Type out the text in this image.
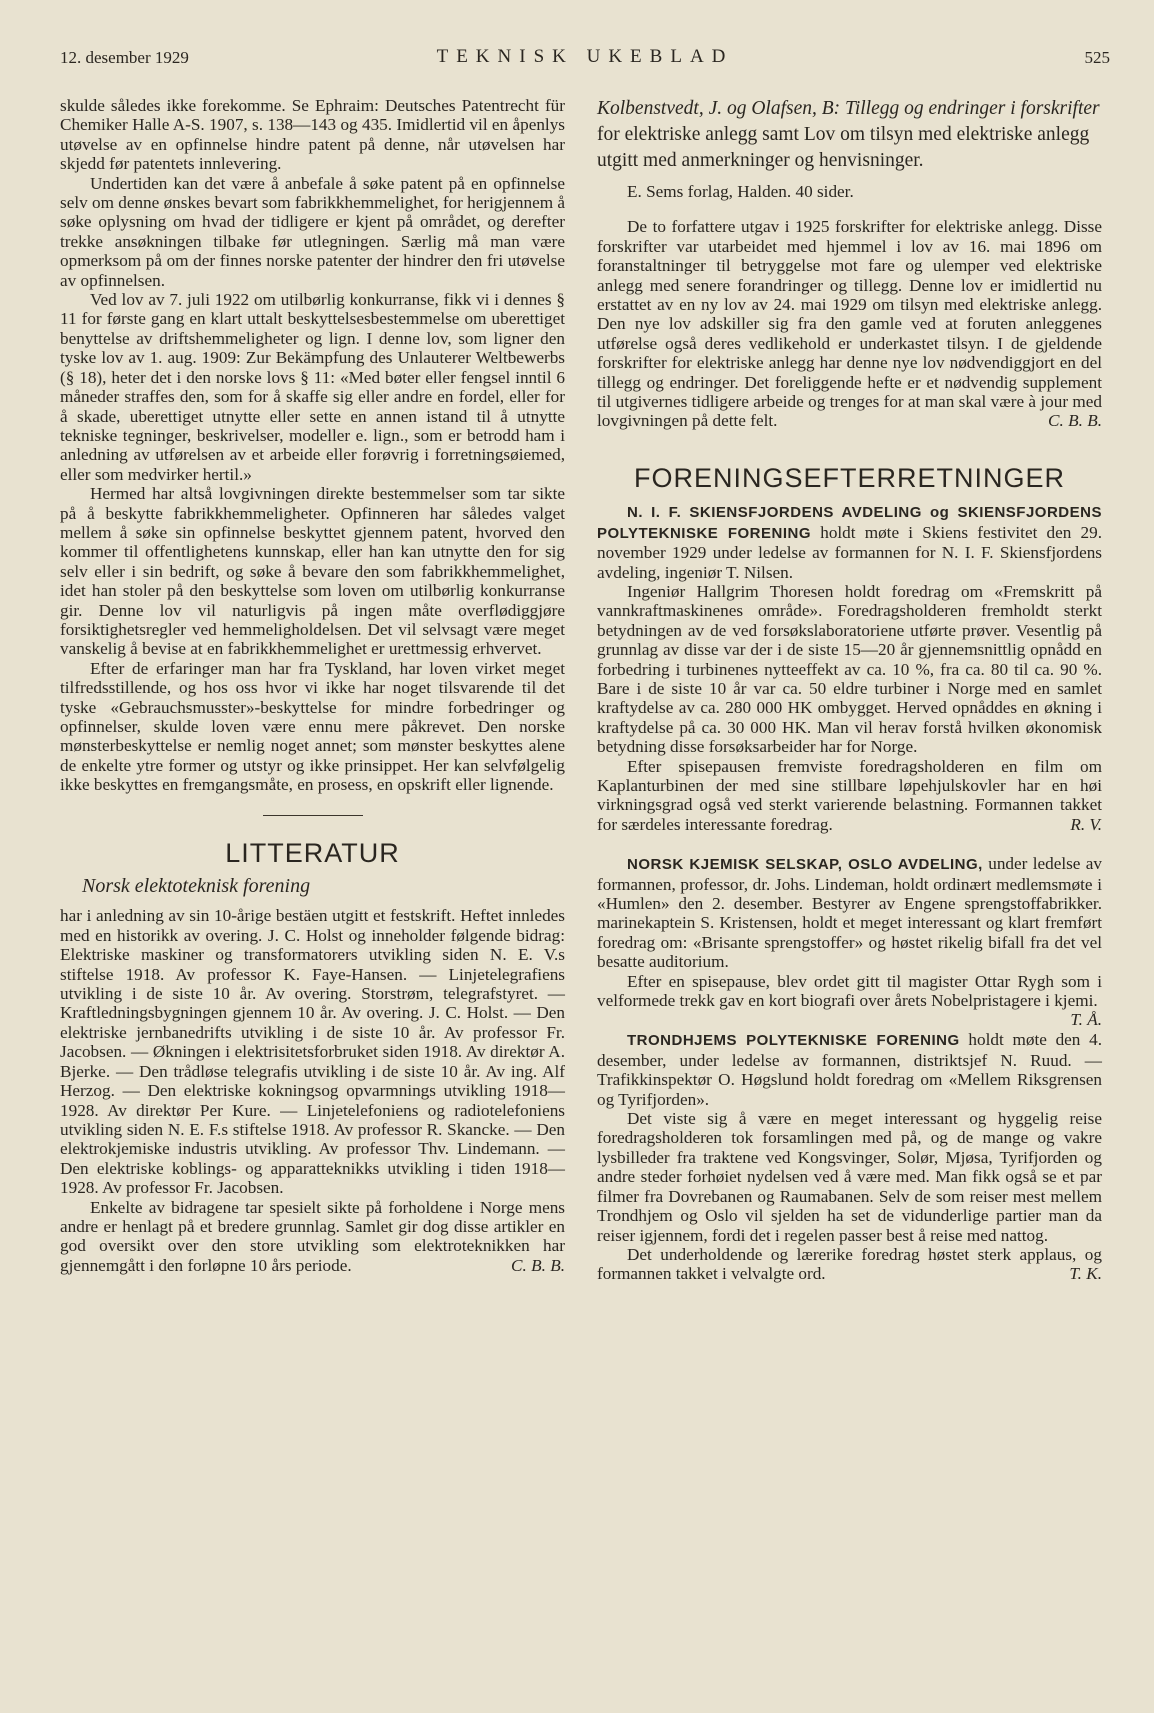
12. desember 1929	TEKNISK UKEBLAD	525

skulde således ikke forekomme. Se Ephraim: Deutsches Patentrecht für Chemiker Halle A-S. 1907, s. 138—143 og 435. Imidlertid vil en åpenlys utøvelse av en opfinnelse hindre patent på denne, når utøvelsen har skjedd før patentets innlevering.

Undertiden kan det være å anbefale å søke patent på en opfinnelse selv om denne ønskes bevart som fabrikkhemmelighet, for herigjennem å søke oplysning om hvad der tidligere er kjent på området, og derefter trekke ansøkningen tilbake før utlegningen. Særlig må man være opmerksom på om der finnes norske patenter der hindrer den fri utøvelse av opfinnelsen.

Ved lov av 7. juli 1922 om utilbørlig konkurranse, fikk vi i dennes § 11 for første gang en klart uttalt beskyttelsesbestemmelse om uberettiget benyttelse av driftshemmeligheter og lign. I denne lov, som ligner den tyske lov av 1. aug. 1909: Zur Bekämpfung des Unlauterer Weltbewerbs (§ 18), heter det i den norske lovs § 11: «Med bøter eller fengsel inntil 6 måneder straffes den, som for å skaffe sig eller andre en fordel, eller for å skade, uberettiget utnytte eller sette en annen istand til å utnytte tekniske tegninger, beskrivelser, modeller e. lign., som er betrodd ham i anledning av utførelsen av et arbeide eller forøvrig i forretningsøiemed, eller som medvirker hertil.»

Hermed har altså lovgivningen direkte bestemmelser som tar sikte på å beskytte fabrikkhemmeligheter. Opfinneren har således valget mellem å søke sin opfinnelse beskyttet gjennem patent, hvorved den kommer til offentlighetens kunnskap, eller han kan utnytte den for sig selv eller i sin bedrift, og søke å bevare den som fabrikkhemmelighet, idet han stoler på den beskyttelse som loven om utilbørlig konkurranse gir. Denne lov vil naturligvis på ingen måte overflødiggjøre forsiktighetsregler ved hemmeligholdelsen. Det vil selvsagt være meget vanskelig å bevise at en fabrikkhemmelighet er urettmessig erhvervet.

Efter de erfaringer man har fra Tyskland, har loven virket meget tilfredsstillende, og hos oss hvor vi ikke har noget tilsvarende til det tyske «Gebrauchsmusster»-beskyttelse for mindre forbedringer og opfinnelser, skulde loven være ennu mere påkrevet. Den norske mønsterbeskyttelse er nemlig noget annet; som mønster beskyttes alene de enkelte ytre former og utstyr og ikke prinsippet. Her kan selvfølgelig ikke beskyttes en fremgangsmåte, en prosess, en opskrift eller lignende.

LITTERATUR
Norsk elektoteknisk forening

har i anledning av sin 10-årige bestäen utgitt et festskrift. Heftet innledes med en historikk av overing. J. C. Holst og inneholder følgende bidrag: Elektriske maskiner og transformatorers utvikling siden N. E. V.s stiftelse 1918. Av professor K. Faye-Hansen. — Linjetelegrafiens utvikling i de siste 10 år. Av overing. Storstrøm, telegrafstyret. — Kraftledningsbygningen gjennem 10 år. Av overing. J. C. Holst. — Den elektriske jernbanedrifts utvikling i de siste 10 år. Av professor Fr. Jacobsen. — Økningen i elektrisitetsforbruket siden 1918. Av direktør A. Bjerke. — Den trådløse telegrafis utvikling i de siste 10 år. Av ing. Alf Herzog. — Den elektriske kokningsog opvarmnings utvikling 1918—1928. Av direktør Per Kure. — Linjetelefoniens og radiotelefoniens utvikling siden N. E. F.s stiftelse 1918. Av professor R. Skancke. — Den elektrokjemiske industris utvikling. Av professor Thv. Lindemann. — Den elektriske koblings- og apparatteknikks utvikling i tiden 1918—1928. Av professor Fr. Jacobsen.

Enkelte av bidragene tar spesielt sikte på forholdene i Norge mens andre er henlagt på et bredere grunnlag. Samlet gir dog disse artikler en god oversikt over den store utvikling som elektroteknikken har gjennemgått i den forløpne 10 års periode.	C. B. B.

Kolbenstvedt, J. og Olafsen, B: Tillegg og endringer i forskrifter for elektriske anlegg samt Lov om tilsyn med elektriske anlegg utgitt med anmerkninger og henvisninger.

E. Sems forlag, Halden. 40 sider.

De to forfattere utgav i 1925 forskrifter for elektriske anlegg. Disse forskrifter var utarbeidet med hjemmel i lov av 16. mai 1896 om foranstaltninger til betryggelse mot fare og ulemper ved elektriske anlegg med senere forandringer og tillegg. Denne lov er imidlertid nu erstattet av en ny lov av 24. mai 1929 om tilsyn med elektriske anlegg. Den nye lov adskiller sig fra den gamle ved at foruten anleggenes utførelse også deres vedlikehold er underkastet tilsyn. I de gjeldende forskrifter for elektriske anlegg har denne nye lov nødvendiggjort en del tillegg og endringer. Det foreliggende hefte er et nødvendig supplement til utgivernes tidligere arbeide og trenges for at man skal være à jour med lovgivningen på dette felt.	C. B. B.

FORENINGSEFTERRETNINGER

N. I. F. SKIENSFJORDENS AVDELING og SKIENSFJORDENS POLYTEKNISKE FORENING holdt møte i Skiens festivitet den 29. november 1929 under ledelse av formannen for N. I. F. Skiensfjordens avdeling, ingeniør T. Nilsen.

Ingeniør Hallgrim Thoresen holdt foredrag om «Fremskritt på vannkraftmaskinenes område». Foredragsholderen fremholdt sterkt betydningen av de ved forsøkslaboratoriene utførte prøver. Vesentlig på grunnlag av disse var der i de siste 15—20 år gjennemsnittlig opnådd en forbedring i turbinenes nytteeffekt av ca. 10 %, fra ca. 80 til ca. 90 %. Bare i de siste 10 år var ca. 50 eldre turbiner i Norge med en samlet kraftydelse av ca. 280 000 HK ombygget. Herved opnåddes en økning i kraftydelse på ca. 30 000 HK. Man vil herav forstå hvilken økonomisk betydning disse forsøksarbeider har for Norge.

Efter spisepausen fremviste foredragsholderen en film om Kaplanturbinen der med sine stillbare løpehjulskovler har en høi virkningsgrad også ved sterkt varierende belastning. Formannen takket for særdeles interessante foredrag.	R. V.

NORSK KJEMISK SELSKAP, OSLO AVDELING, under ledelse av formannen, professor, dr. Johs. Lindeman, holdt ordinært medlemsmøte i «Humlen» den 2. desember. Bestyrer av Engene sprengstoffabrikker. marinekaptein S. Kristensen, holdt et meget interessant og klart fremført foredrag om: «Brisante sprengstoffer» og høstet rikelig bifall fra det vel besatte auditorium.

Efter en spisepause, blev ordet gitt til magister Ottar Rygh som i velformede trekk gav en kort biografi over årets Nobelpristagere i kjemi.
T. Å.

TRONDHJEMS POLYTEKNISKE FORENING holdt møte den 4. desember, under ledelse av formannen, distriktsjef N. Ruud. — Trafikkinspektør O. Høgslund holdt foredrag om «Mellem Riksgrensen og Tyrifjorden».

Det viste sig å være en meget interessant og hyggelig reise foredragsholderen tok forsamlingen med på, og de mange og vakre lysbilleder fra traktene ved Kongsvinger, Solør, Mjøsa, Tyrifjorden og andre steder forhøiet nydelsen ved å være med. Man fikk også se et par filmer fra Dovrebanen og Raumabanen. Selv de som reiser mest mellem Trondhjem og Oslo vil sjelden ha set de vidunderlige partier man da reiser igjennem, fordi det i regelen passer best å reise med nattog.

Det underholdende og lærerike foredrag høstet sterk applaus, og formannen takket i velvalgte ord.	T. K.
